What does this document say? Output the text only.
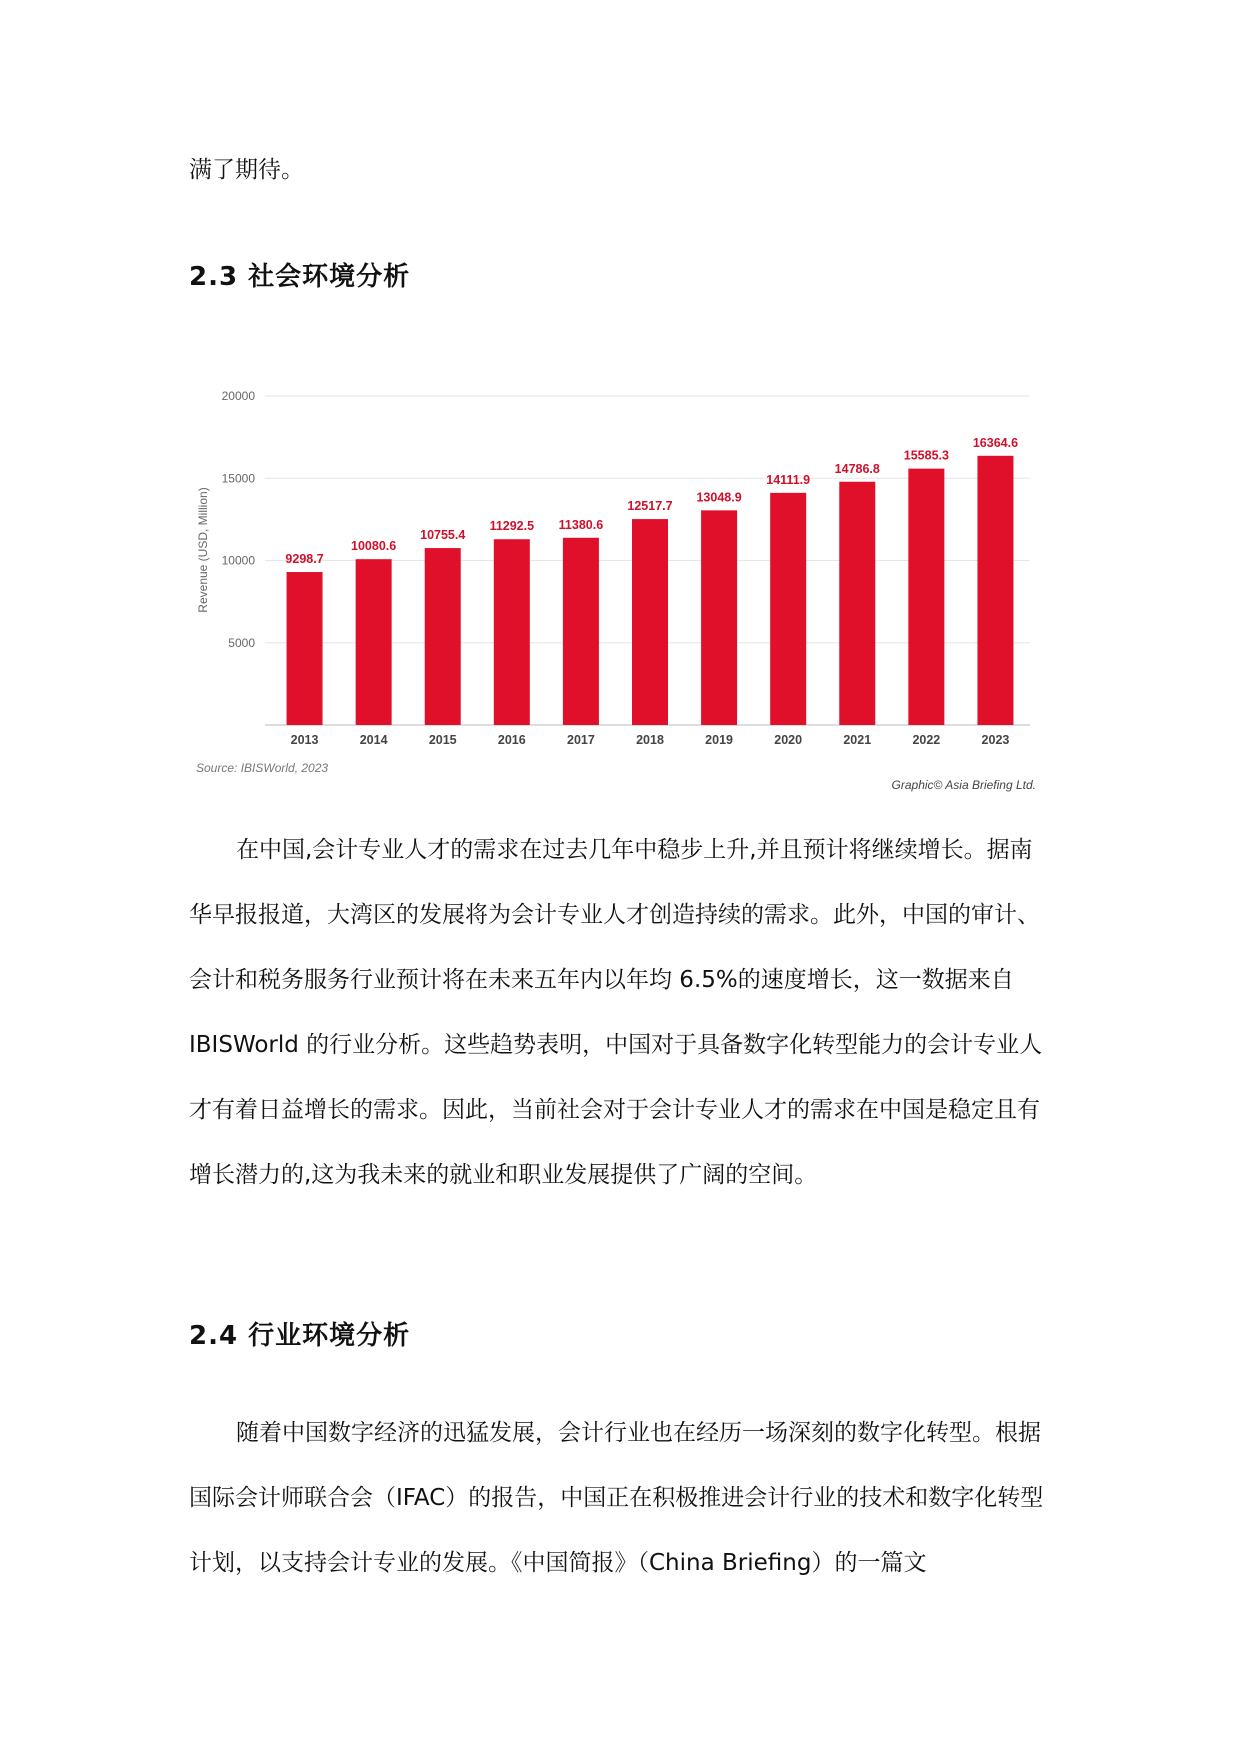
满了期待。

2.3 社会环境分析
Revenue (USD, Million)
Source: IBISWorld, 2023
Graphic© Asia Briefing Ltd.
5000
10000
15000
20000
9298.7
2013
10080.6
2014
10755.4
2015
11292.5
2016
11380.6
2017
12517.7
2018
13048.9
2019
14111.9
2020
14786.8
2021
15585.3
2022
16364.6
2023

在中国,会计专业人才的需求在过去几年中稳步上升,并且预计将继续增长。据南华早报报道，大湾区的发展将为会计专业人才创造持续的需求。此外，中国的审计、会计和税务服务行业预计将在未来五年内以年均 6.5%的速度增长，这一数据来自 IBISWorld 的行业分析。这些趋势表明，中国对于具备数字化转型能力的会计专业人才有着日益增长的需求。因此，当前社会对于会计专业人才的需求在中国是稳定且有增长潜力的,这为我未来的就业和职业发展提供了广阔的空间。

2.4 行业环境分析

随着中国数字经济的迅猛发展，会计行业也在经历一场深刻的数字化转型。根据国际会计师联合会（IFAC）的报告，中国正在积极推进会计行业的技术和数字化转型计划，以支持会计专业的发展。《中国简报》（China Briefing）的一篇文
